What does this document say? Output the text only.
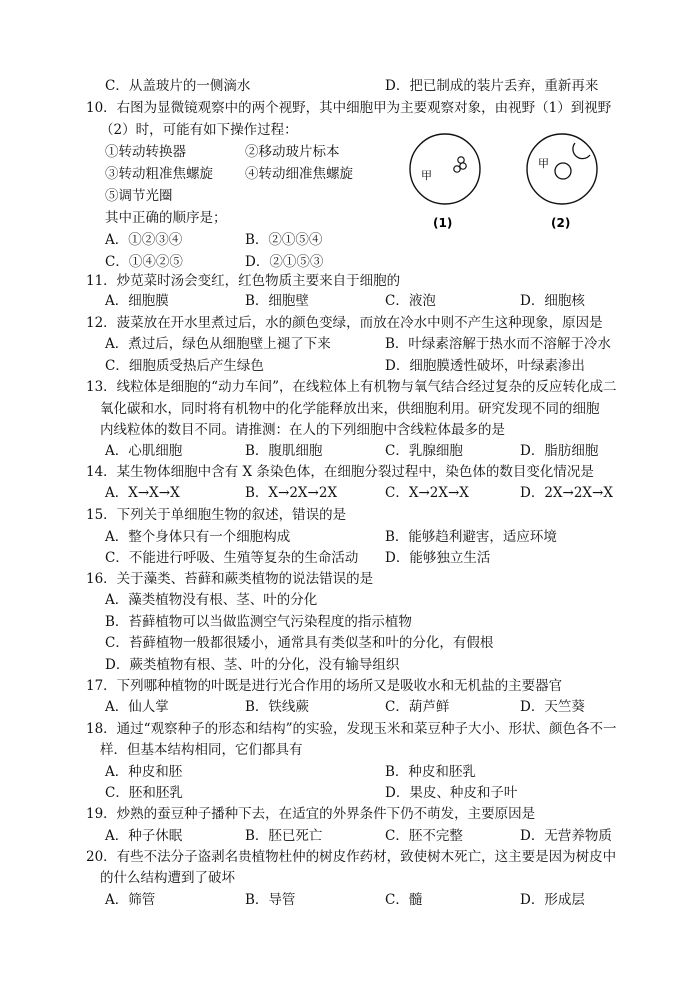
C．从盖玻片的一侧滴水	D．把已制成的装片丢弃，重新再来
10．右图为显微镜观察中的两个视野，其中细胞甲为主要观察对象，由视野（1）到视野
（2）时，可能有如下操作过程：
①转动转换器	②移动玻片标本
③转动粗准焦螺旋 ④转动细准焦螺旋
⑤调节光圈
其中正确的顺序是；
A．①②③④	B．②①⑤④
C．①④②⑤	D．②①⑤③
甲
(1)
甲
(2)
11．炒苋菜时汤会变红，红色物质主要来自于细胞的
A．细胞膜	B．细胞壁	C．液泡	D．细胞核
12．菠菜放在开水里煮过后，水的颜色变绿，而放在冷水中则不产生这种现象，原因是
A．煮过后，绿色从细胞壁上褪了下来	B．叶绿素溶解于热水而不溶解于冷水
C．细胞质受热后产生绿色	D．细胞膜透性破坏，叶绿素渗出
13．线粒体是细胞的“动力车间”，在线粒体上有机物与氧气结合经过复杂的反应转化成二
氧化碳和水，同时将有机物中的化学能释放出来，供细胞利用。研究发现不同的细胞
内线粒体的数目不同。请推测：在人的下列细胞中含线粒体最多的是
A．心肌细胞	B．腹肌细胞	C．乳腺细胞	D．脂肪细胞
14．某生物体细胞中含有 X 条染色体，在细胞分裂过程中，染色体的数目变化情况是
A．X→X→X	B．X→2X→2X	C．X→2X→X	D．2X→2X→X
15．下列关于单细胞生物的叙述，错误的是
A．整个身体只有一个细胞构成	B．能够趋利避害，适应环境
C．不能进行呼吸、生殖等复杂的生命活动 D．能够独立生活
16．关于藻类、苔藓和蕨类植物的说法错误的是
A．藻类植物没有根、茎、叶的分化
B．苔藓植物可以当做监测空气污染程度的指示植物
C．苔藓植物一般都很矮小，通常具有类似茎和叶的分化，有假根
D．蕨类植物有根、茎、叶的分化，没有输导组织
17．下列哪种植物的叶既是进行光合作用的场所又是吸收水和无机盐的主要器官
A．仙人掌	B．铁线蕨	C．葫芦鲜	D．天竺葵
18．通过“观察种子的形态和结构”的实验，发现玉米和菜豆种子大小、形状、颜色各不一
样．但基本结构相同，它们都具有
A．种皮和胚	B．种皮和胚乳
C．胚和胚乳	D．果皮、种皮和子叶
19．炒熟的蚕豆种子播种下去，在适宜的外界条件下仍不萌发，主要原因是
A．种子休眠	B．胚已死亡	C．胚不完整	D．无营养物质
20．有些不法分子盗剥名贵植物杜仲的树皮作药材，致使树木死亡，这主要是因为树皮中
的什么结构遭到了破坏
A．筛管	B．导管	C．髓	D．形成层
